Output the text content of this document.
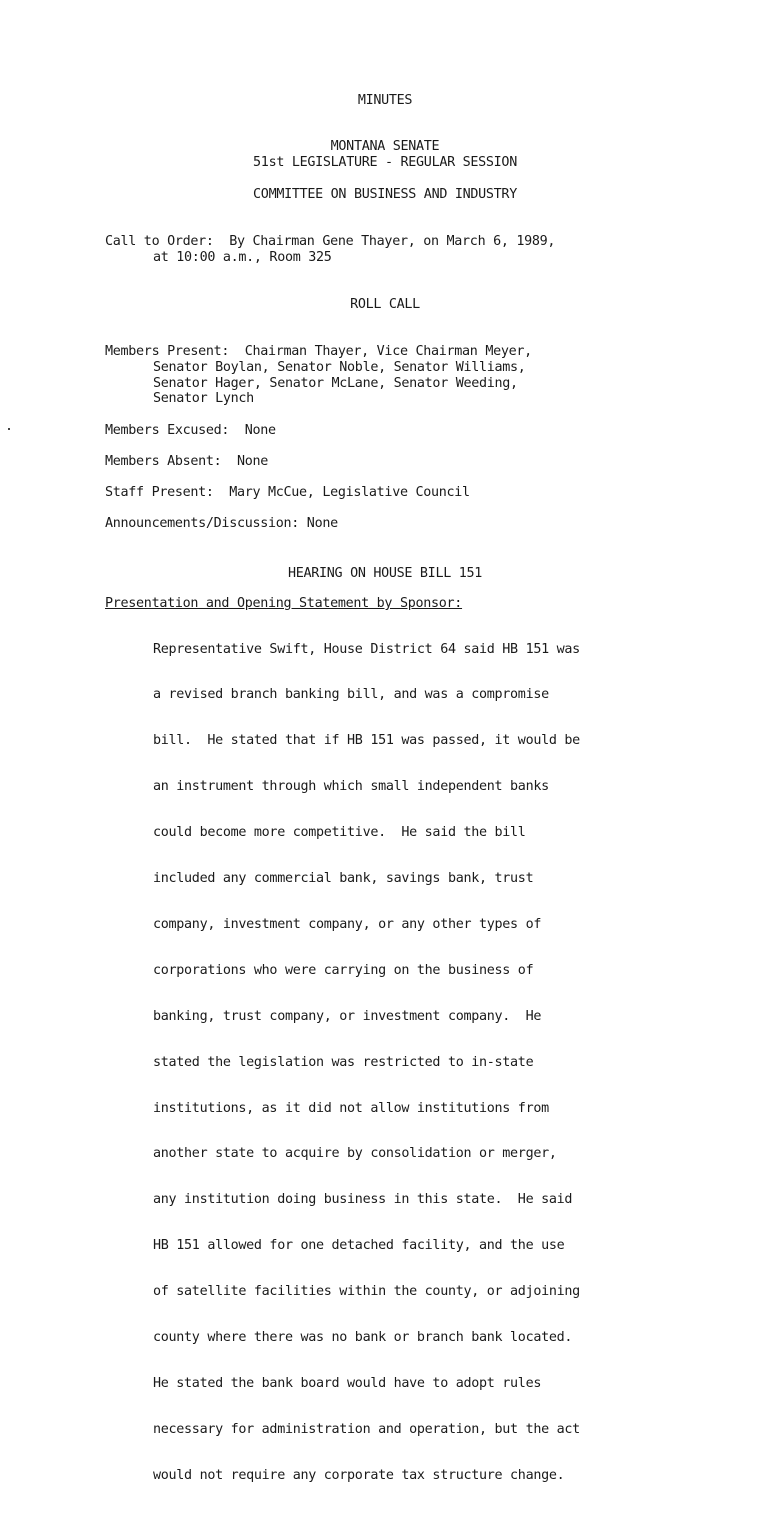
MINUTES
MONTANA SENATE
51st LEGISLATURE - REGULAR SESSION
COMMITTEE ON BUSINESS AND INDUSTRY
Call to Order:  By Chairman Gene Thayer, on March 6, 1989,
at 10:00 a.m., Room 325
ROLL CALL
Members Present:  Chairman Thayer, Vice Chairman Meyer,
Senator Boylan, Senator Noble, Senator Williams,
Senator Hager, Senator McLane, Senator Weeding,
Senator Lynch
Members Excused:  None
Members Absent:  None
Staff Present:  Mary McCue, Legislative Council
Announcements/Discussion: None
HEARING ON HOUSE BILL 151
Presentation and Opening Statement by Sponsor:

Representative Swift, House District 64 said HB 151 was

a revised branch banking bill, and was a compromise

bill.  He stated that if HB 151 was passed, it would be

an instrument through which small independent banks

could become more competitive.  He said the bill

included any commercial bank, savings bank, trust

company, investment company, or any other types of

corporations who were carrying on the business of

banking, trust company, or investment company.  He

stated the legislation was restricted to in-state

institutions, as it did not allow institutions from

another state to acquire by consolidation or merger,

any institution doing business in this state.  He said

HB 151 allowed for one detached facility, and the use

of satellite facilities within the county, or adjoining

county where there was no bank or branch bank located.

He stated the bank board would have to adopt rules

necessary for administration and operation, but the act

would not require any corporate tax structure change.
